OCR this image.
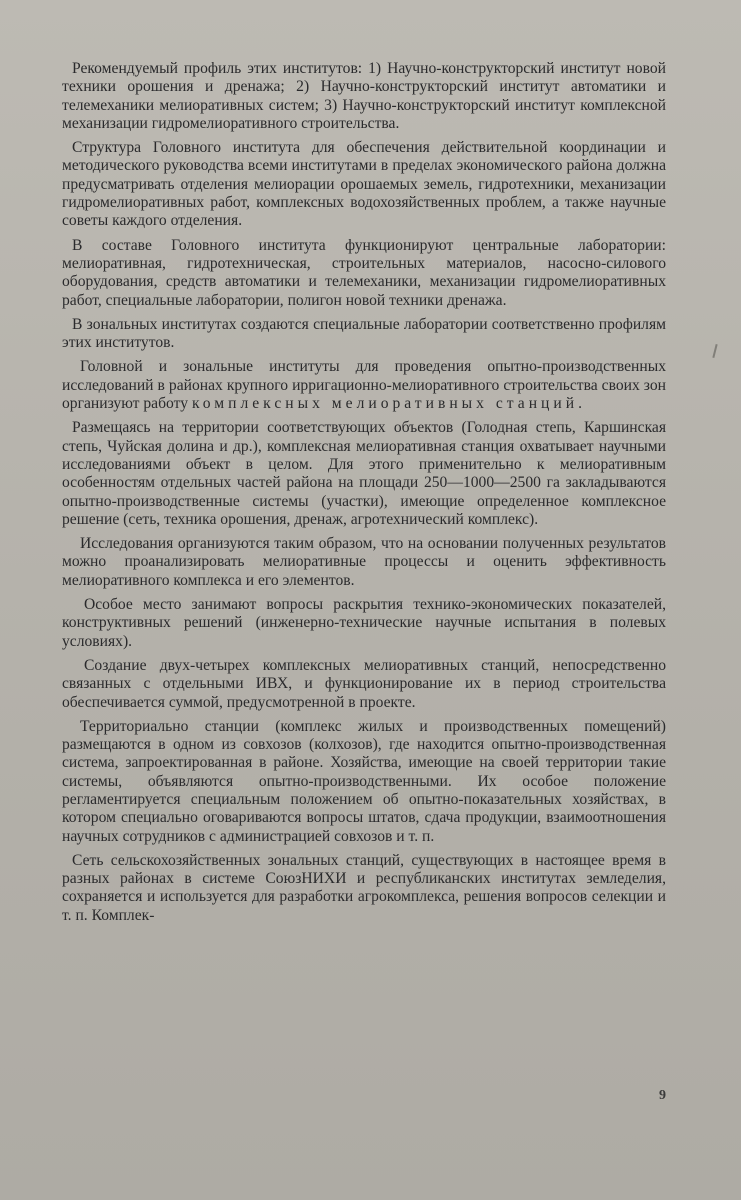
Рекомендуемый профиль этих институтов: 1) Научно-конструкторский институт новой техники орошения и дренажа; 2) Научно-конструкторский институт автоматики и телемеханики мелиоративных систем; 3) Научно-конструкторский институт комплексной механизации гидромелиоративного строительства.

Структура Головного института для обеспечения действительной координации и методического руководства всеми институтами в пределах экономического района должна предусматривать отделения мелиорации орошаемых земель, гидротехники, механизации гидромелиоративных работ, комплексных водохозяйственных проблем, а также научные советы каждого отделения.

В составе Головного института функционируют центральные лаборатории: мелиоративная, гидротехническая, строительных материалов, насосно-силового оборудования, средств автоматики и телемеханики, механизации гидромелиоративных работ, специальные лаборатории, полигон новой техники дренажа.

В зональных институтах создаются специальные лаборатории соответственно профилям этих институтов.

Головной и зональные институты для проведения опытно-производственных исследований в районах крупного ирригационно-мелиоративного строительства своих зон организуют работу комплексных мелиоративных станций.

Размещаясь на территории соответствующих объектов (Голодная степь, Каршинская степь, Чуйская долина и др.), комплексная мелиоративная станция охватывает научными исследованиями объект в целом. Для этого применительно к мелиоративным особенностям отдельных частей района на площади 250—1000—2500 га закладываются опытно-производственные системы (участки), имеющие определенное комплексное решение (сеть, техника орошения, дренаж, агротехнический комплекс).

Исследования организуются таким образом, что на основании полученных результатов можно проанализировать мелиоративные процессы и оценить эффективность мелиоративного комплекса и его элементов.

Особое место занимают вопросы раскрытия технико-экономических показателей, конструктивных решений (инженерно-технические научные испытания в полевых условиях).

Создание двух-четырех комплексных мелиоративных станций, непосредственно связанных с отдельными ИВХ, и функционирование их в период строительства обеспечивается суммой, предусмотренной в проекте.

Территориально станции (комплекс жилых и производственных помещений) размещаются в одном из совхозов (колхозов), где находится опытно-производственная система, запроектированная в районе. Хозяйства, имеющие на своей территории такие системы, объявляются опытно-производственными. Их особое положение регламентируется специальным положением об опытно-показательных хозяйствах, в котором специально оговариваются вопросы штатов, сдача продукции, взаимоотношения научных сотрудников с администрацией совхозов и т. п.

Сеть сельскохозяйственных зональных станций, существующих в настоящее время в разных районах в системе СоюзНИХИ и республиканских институтах земледелия, сохраняется и используется для разработки агрокомплекса, решения вопросов селекции и т. п. Комплек-

9
